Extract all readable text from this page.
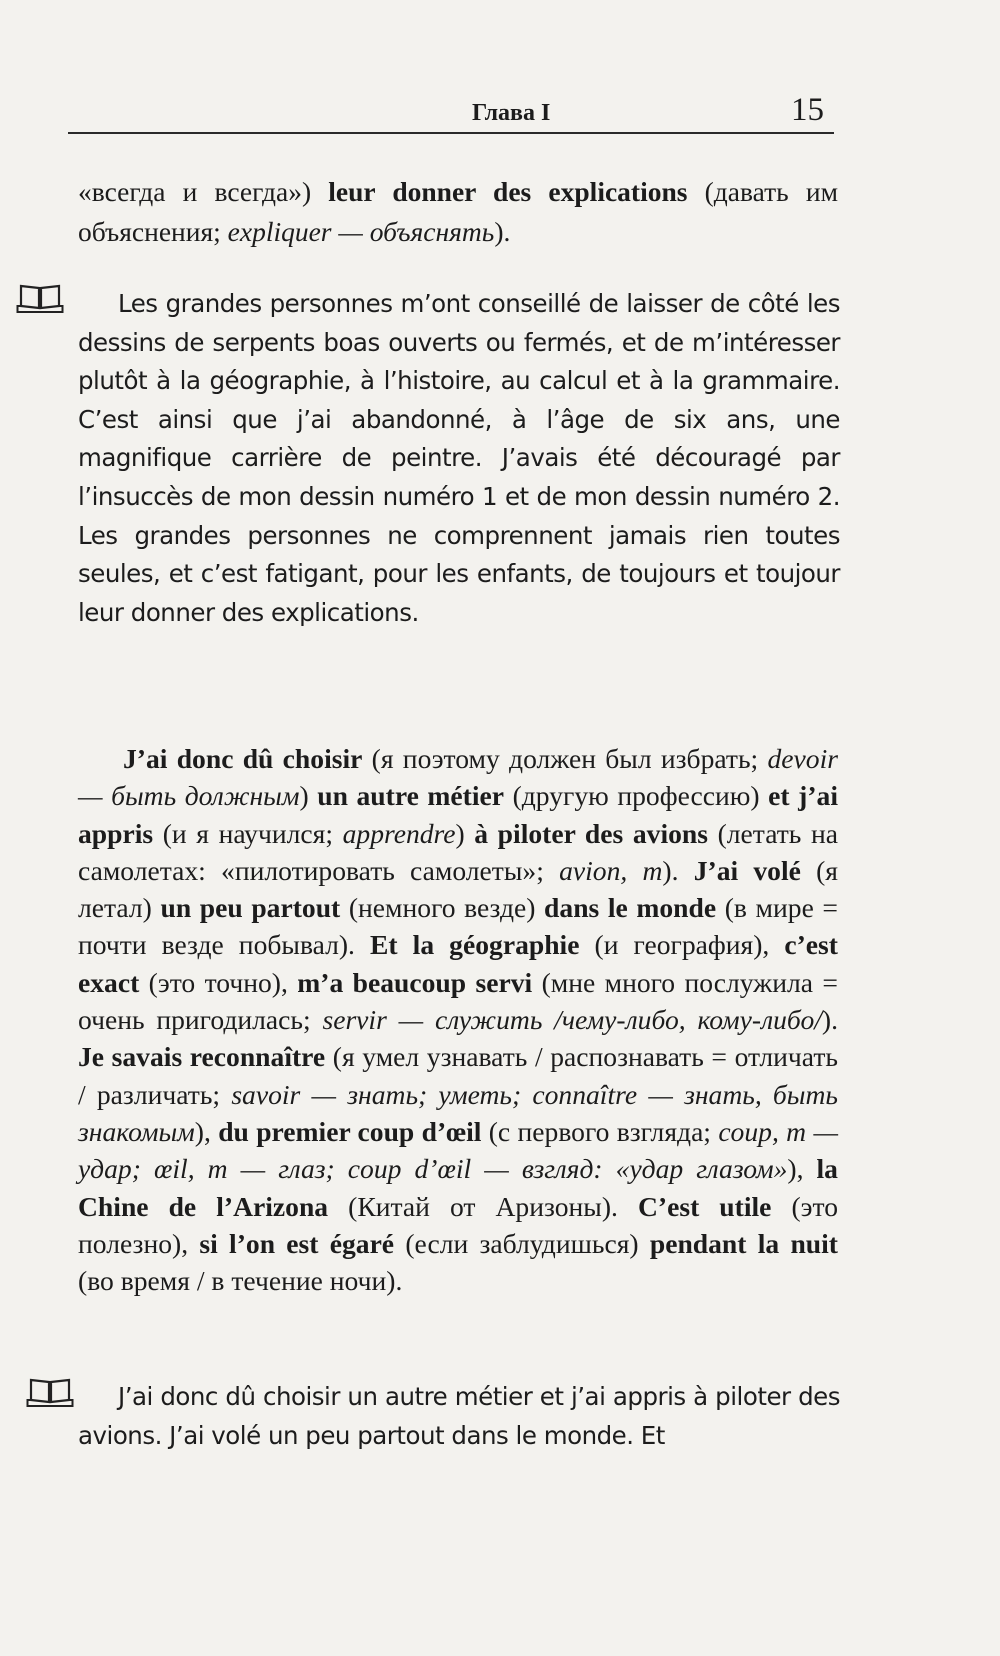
Глава I	15

«всегда и всегда») leur donner des explications (давать им объяснения; expliquer — объяснять).

Les grandes personnes m’ont conseillé de laisser de côté les dessins de serpents boas ouverts ou fermés, et de m’intéresser plutôt à la géographie, à l’histoire, au calcul et à la grammaire. C’est ainsi que j’ai abandonné, à l’âge de six ans, une magnifique carrière de peintre. J’avais été découragé par l’insuccès de mon dessin numéro 1 et de mon dessin numéro 2. Les grandes personnes ne comprennent jamais rien toutes seules, et c’est fatigant, pour les enfants, de toujours et toujour leur donner des explications.

J’ai donc dû choisir (я поэтому должен был избрать; devoir — быть должным) un autre métier (другую профессию) et j’ai appris (и я научился; apprendre) à piloter des avions (летать на самолетах: «пилотировать самолеты»; avion, m). J’ai volé (я летал) un peu partout (немного везде) dans le monde (в мире = почти везде побывал). Et la géographie (и география), c’est exact (это точно), m’a beaucoup servi (мне много послужила = очень пригодилась; servir — служить /чему-либо, кому-либо/). Je savais reconnaître (я умел узнавать / распознавать = отличать / различать; savoir — знать; уметь; connaître — знать, быть знакомым), du premier coup d’œil (с первого взгляда; coup, m — удар; œil, m — глаз; coup d’œil — взгляд: «удар глазом»), la Chine de l’Arizona (Китай от Аризоны). C’est utile (это полезно), si l’on est égaré (если заблудишься) pendant la nuit (во время / в течение ночи).

J’ai donc dû choisir un autre métier et j’ai appris à piloter des avions. J’ai volé un peu partout dans le monde. Et
